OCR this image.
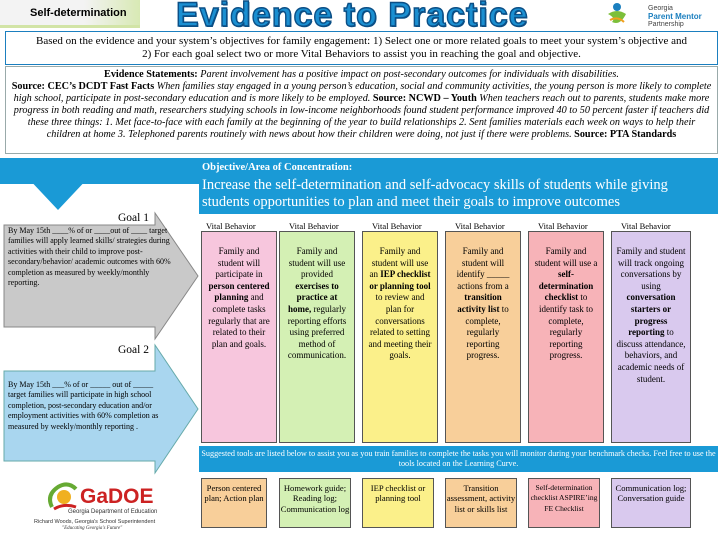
Self-determination Evidence to Practice	Georgia
Parent Mentor
Partnership
Based on the evidence and your system’s objectives for family engagement: 1) Select one or more related goals to meet your system’s objective and
2) For each goal select two or more Vital Behaviors to assist you in reaching the goal and objective.
Evidence Statements: Parent involvement has a positive impact on post-secondary outcomes for individuals with disabilities.
Source: CEC’s DCDT Fast Facts When families stay engaged in a young person’s education, social and community activities, the young person is more likely to complete high school, participate in post-secondary education and is more likely to be employed. Source: NCWD – Youth When teachers reach out to parents, students make more progress in both reading and math, researchers studying schools in low-income neighborhoods found student performance improved 40 to 50 percent faster if teachers did these three things: 1. Met face-to-face with each family at the beginning of the year to build relationships 2. Sent families materials each week on ways to help their children at home 3. Telephoned parents routinely with news about how their children were doing, not just if there were problems. Source: PTA Standards
Objective/Area of Concentration:
Increase the self-determination and self-advocacy skills of students while giving students opportunities to plan and meet their goals to improve outcomes
Goal 1
By May 15th ____% of or ____out of ____ target families will apply learned skills/ strategies during activities with their child to improve post-secondary/behavior/ academic outcomes with 60% completion as measured by weekly/monthly reporting.
Goal 2
By May 15th ___% of or _____ out of _____ target families will participate in high school completion, post-secondary education and/or employment activities with 60% completion as measured by weekly/monthly reporting .
Vital Behavior	Vital Behavior	Vital Behavior	Vital Behavior	Vital Behavior	Vital Behavior
Family and student will participate in person centered planning and complete tasks regularly that are related to their plan and goals.
Family and student will use provided exercises to practice at home, regularly reporting efforts using preferred method of communication.
Family and student will use an IEP checklist or planning tool to review and plan for conversations related to setting and meeting their goals.
Family and student will identify _____ actions from a transition activity list to complete, regularly reporting progress.
Family and student will use a self-determination checklist to identify task to complete, regularly reporting progress.
Family and student will track ongoing conversations by using conversation starters or progress reporting to discuss attendance, behaviors, and academic needs of student.
Suggested tools are listed below to assist you as you train families to complete the tasks you will monitor during your benchmark checks. Feel free to use the tools located on the Learning Curve.
Person centered plan; Action plan
Homework guide; Reading log; Communication log
IEP checklist or planning tool
Transition assessment, activity list or skills list
Self-determination checklist ASPIRE’ing FE Checklist
Communication log; Conversation guide
GaDOE
Georgia Department of Education
Richard Woods, Georgia's School Superintendent
"Educating Georgia's Future"
